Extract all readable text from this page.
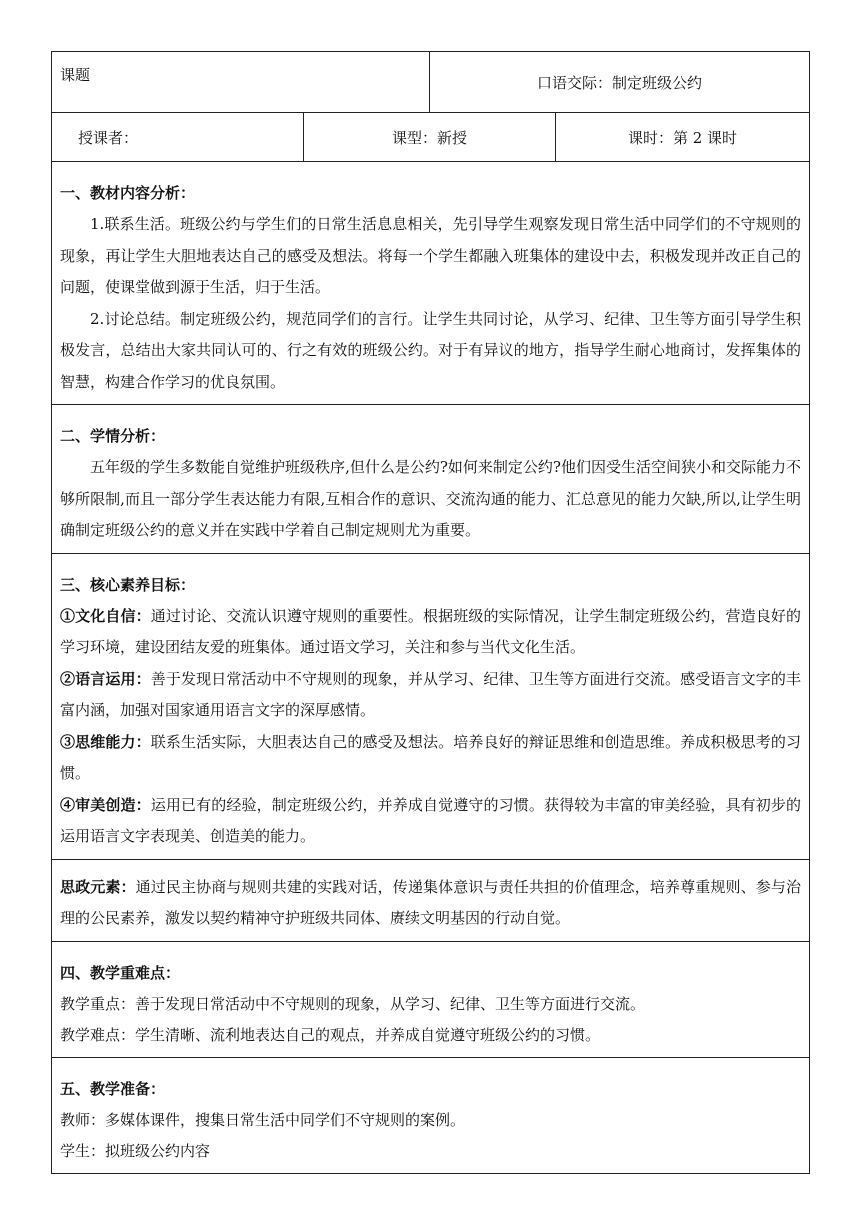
课题		口语交际：制定班级公约	
授课者：	课型：新授		课时：第 2 课时

一、教材内容分析：

1.联系生活。班级公约与学生们的日常生活息息相关，先引导学生观察发现日常生活中同学们的不守规则的现象，再让学生大胆地表达自己的感受及想法。将每一个学生都融入班集体的建设中去，积极发现并改正自己的问题，使课堂做到源于生活，归于生活。

2.讨论总结。制定班级公约，规范同学们的言行。让学生共同讨论，从学习、纪律、卫生等方面引导学生积极发言，总结出大家共同认可的、行之有效的班级公约。对于有异议的地方，指导学生耐心地商讨，发挥集体的智慧，构建合作学习的优良氛围。			

二、学情分析：

五年级的学生多数能自觉维护班级秩序,但什么是公约?如何来制定公约?他们因受生活空间狭小和交际能力不够所限制,而且一部分学生表达能力有限,互相合作的意识、交流沟通的能力、汇总意见的能力欠缺,所以,让学生明确制定班级公约的意义并在实践中学着自己制定规则尤为重要。			

三、核心素养目标：

①文化自信：通过讨论、交流认识遵守规则的重要性。根据班级的实际情况，让学生制定班级公约，营造良好的学习环境，建设团结友爱的班集体。通过语文学习，关注和参与当代文化生活。

②语言运用：善于发现日常活动中不守规则的现象，并从学习、纪律、卫生等方面进行交流。感受语言文字的丰富内涵，加强对国家通用语言文字的深厚感情。

③思维能力：联系生活实际，大胆表达自己的感受及想法。培养良好的辩证思维和创造思维。养成积极思考的习惯。

④审美创造：运用已有的经验，制定班级公约，并养成自觉遵守的习惯。获得较为丰富的审美经验，具有初步的运用语言文字表现美、创造美的能力。			

思政元素：通过民主协商与规则共建的实践对话，传递集体意识与责任共担的价值理念，培养尊重规则、参与治理的公民素养，激发以契约精神守护班级共同体、赓续文明基因的行动自觉。			

四、教学重难点：

教学重点：善于发现日常活动中不守规则的现象，从学习、纪律、卫生等方面进行交流。

教学难点：学生清晰、流利地表达自己的观点，并养成自觉遵守班级公约的习惯。			

五、教学准备：

教师：多媒体课件，搜集日常生活中同学们不守规则的案例。

学生：拟班级公约内容			
